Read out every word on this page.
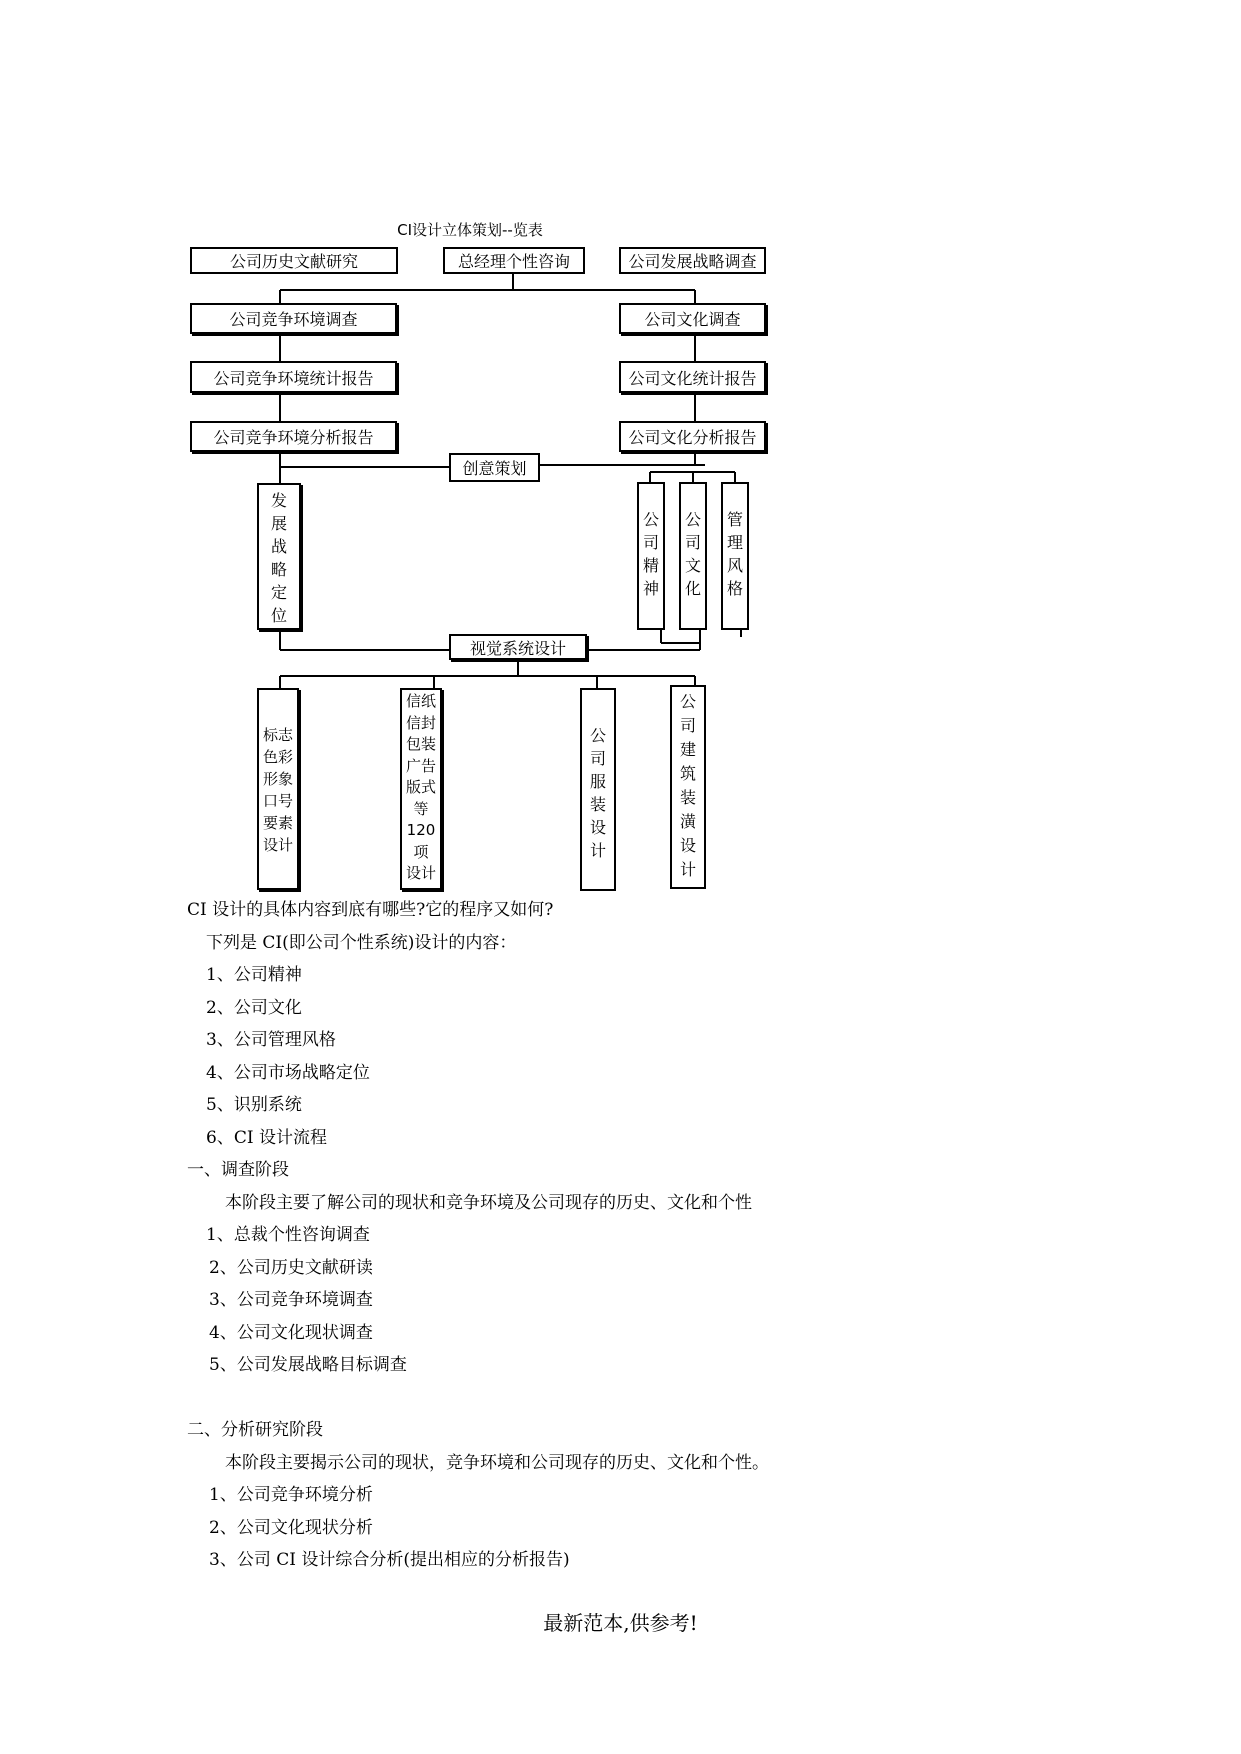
CI设计立体策划--览表
公司历史文献研究	总经理个性咨询	公司发展战略调查
公司竞争环境调查	公司文化调查
公司竞争环境统计报告	公司文化统计报告
公司竞争环境分析报告	公司文化分析报告
创意策划
发
展
战
略
定
位
公
司
精
神
公
司
文
化
管
理
风
格
视觉系统设计
标志
色彩
形象
口号
要素
设计
信纸
信封
包装
广告
版式
等
120
项
设计
公
司
服
装
设
计
公
司
建
筑
装
潢
设
计
CI 设计的具体内容到底有哪些?它的程序又如何?
下列是 CI(即公司个性系统)设计的内容：
1、公司精神
2、公司文化
3、公司管理风格
4、公司市场战略定位
5、识别系统
6、CI 设计流程
一、调查阶段
本阶段主要了解公司的现状和竞争环境及公司现存的历史、文化和个性
1、总裁个性咨询调查
2、公司历史文献研读
3、公司竞争环境调查
4、公司文化现状调查
5、公司发展战略目标调查
二、分析研究阶段
本阶段主要揭示公司的现状，竞争环境和公司现存的历史、文化和个性。
1、公司竞争环境分析
2、公司文化现状分析
3、公司 CI 设计综合分析(提出相应的分析报告)
最新范本,供参考!
